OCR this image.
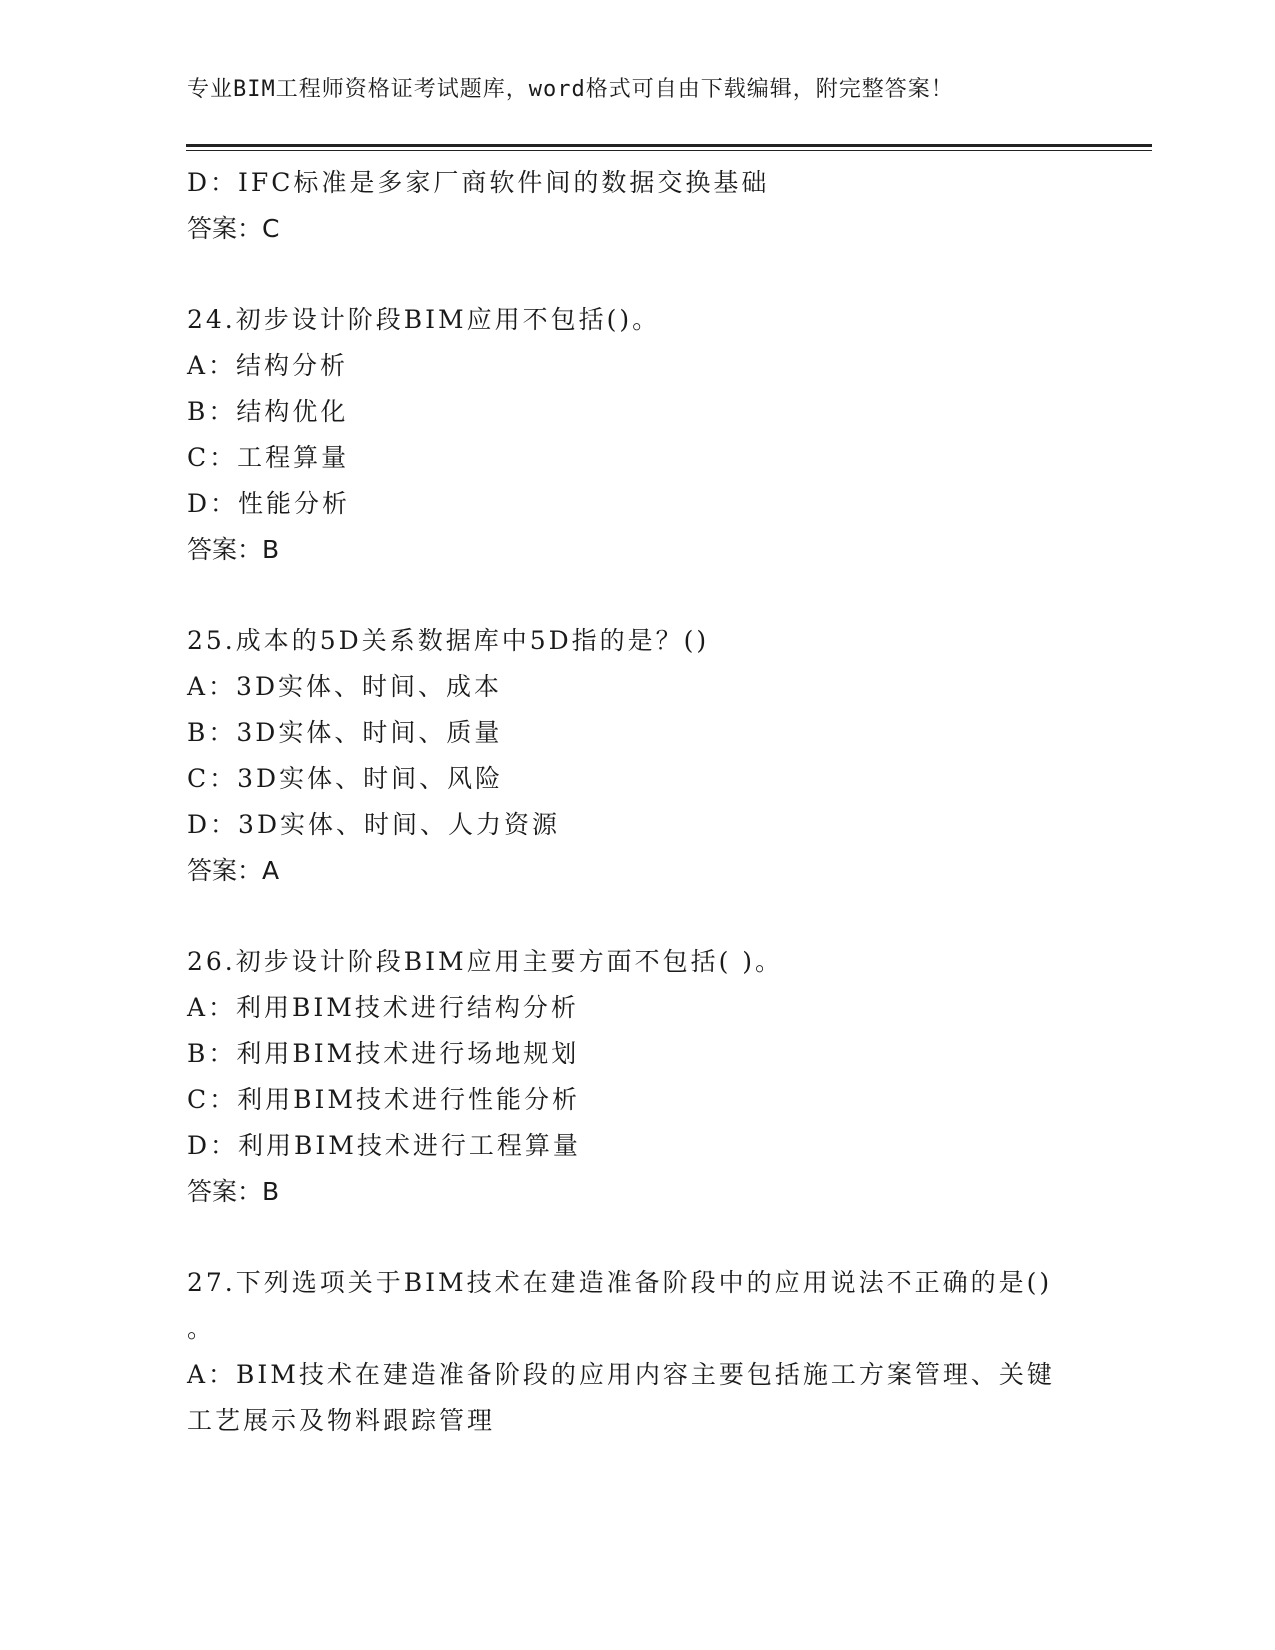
专业BIM工程师资格证考试题库，word格式可自由下载编辑，附完整答案！
D：IFC标准是多家厂商软件间的数据交换基础
答案：C
24.初步设计阶段BIM应用不包括()。
A：结构分析
B：结构优化
C：工程算量
D：性能分析
答案：B
25.成本的5D关系数据库中5D指的是？()
A：3D实体、时间、成本
B：3D实体、时间、质量
C：3D实体、时间、风险
D：3D实体、时间、人力资源
答案：A
26.初步设计阶段BIM应用主要方面不包括( )。
A：利用BIM技术进行结构分析
B：利用BIM技术进行场地规划
C：利用BIM技术进行性能分析
D：利用BIM技术进行工程算量
答案：B
27.下列选项关于BIM技术在建造准备阶段中的应用说法不正确的是()
。
A：BIM技术在建造准备阶段的应用内容主要包括施工方案管理、关键
工艺展示及物料跟踪管理
